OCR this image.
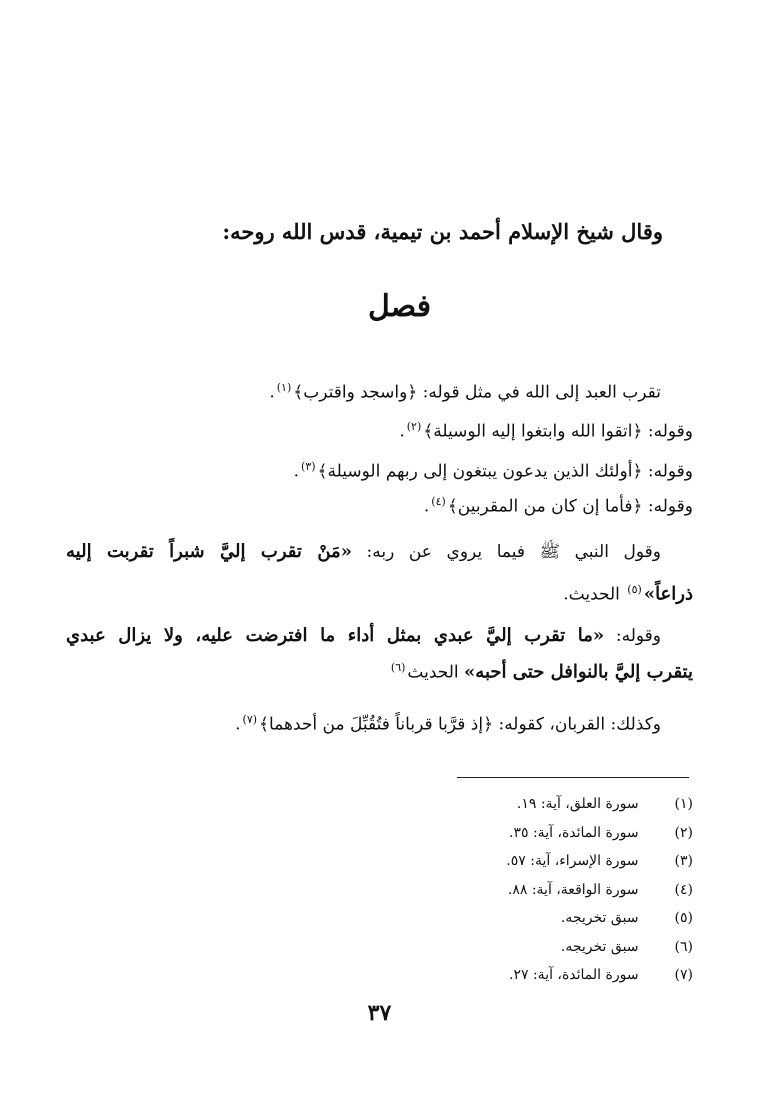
وقال شيخ الإسلام أحمد بن تيمية، قدس الله روحه:
فصل
تقرب العبد إلى الله في مثل قوله: ﴿واسجد واقترب﴾$^{(١)}$.
وقوله: ﴿اتقوا الله وابتغوا إليه الوسيلة﴾$^{(٢)}$.
وقوله: ﴿أولئك الذين يدعون يبتغون إلى ربهم الوسيلة﴾$^{(٣)}$.
وقوله: ﴿فأما إن كان من المقربين﴾$^{(٤)}$.
وقول النبي ﷺ فيما يروي عن ربه: «مَنْ تقرب إليَّ شبراً تقربت إليه
ذراعاً»$^{(٥)}$ الحديث.
وقوله: «ما تقرب إليَّ عبدي بمثل أداء ما افترضت عليه، ولا يزال عبدي
يتقرب إليَّ بالنوافل حتى أحبه» الحديث$^{(٦)}$
وكذلك: القربان، كقوله: ﴿إذ قرَّبا قرباناً فتُقُبِّلَ من أحدهما﴾$^{(٧)}$.
(١) سورة العلق، آية: ١٩.
(٢) سورة المائدة، آية: ٣٥.
(٣) سورة الإسراء، آية: ٥٧.
(٤) سورة الواقعة، آية: ٨٨.
(٥) سبق تخريجه.
(٦) سبق تخريجه.
(٧) سورة المائدة، آية: ٢٧.
٣٧
